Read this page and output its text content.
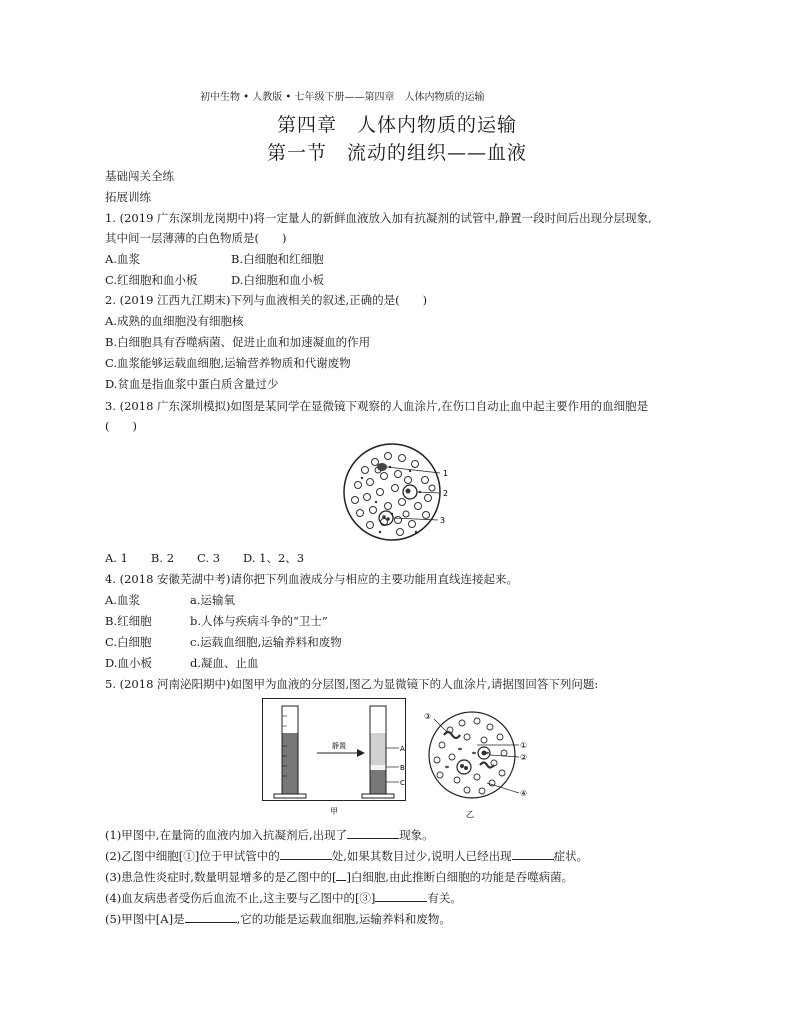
初中生物 • 人教版 • 七年级下册——第四章　人体内物质的运输
第四章　人体内物质的运输
第一节　流动的组织——血液
基础闯关全练
拓展训练
1. (2019 广东深圳龙岗期中)将一定量人的新鲜血液放入加有抗凝剂的试管中,静置一段时间后出现分层现象,
其中间一层薄薄的白色物质是(　　)
A.血浆	B.白细胞和红细胞
C.红细胞和血小板	D.白细胞和血小板
2. (2019 江西九江期末)下列与血液相关的叙述,正确的是(　　)
A.成熟的血细胞没有细胞核
B.白细胞具有吞噬病菌、促进止血和加速凝血的作用
C.血浆能够运载血细胞,运输营养物质和代谢废物
D.贫血是指血浆中蛋白质含量过少
3. (2018 广东深圳模拟)如图是某同学在显微镜下观察的人血涂片,在伤口自动止血中起主要作用的血细胞是
(　　)
1
2
3
A. 1　　B. 2　　C. 3　　D. 1、2、3
4. (2018 安徽芜湖中考)请你把下列血液成分与相应的主要功能用直线连接起来。
A.血浆	a.运输氧
B.红细胞	b.人体与疾病斗争的“卫士”
C.白细胞	c.运载血细胞,运输养料和废物
D.血小板	d.凝血、止血
5. (2018 河南泌阳期中)如图甲为血液的分层图,图乙为显微镜下的人血涂片,请据图回答下列问题:
静置	A
B
C
甲
③
①
②
④
乙
(1)甲图中,在量筒的血液内加入抗凝剂后,出现了	现象。
(2)乙图中细胞[①]位于甲试管中的	处,如果其数目过少,说明人已经出现	症状。
(3)患急性炎症时,数量明显增多的是乙图中的[ ]白细胞,由此推断白细胞的功能是吞噬病菌。
(4)血友病患者受伤后血流不止,这主要与乙图中的[③]	有关。
(5)甲图中[A]是	,它的功能是运载血细胞,运输养料和废物。
